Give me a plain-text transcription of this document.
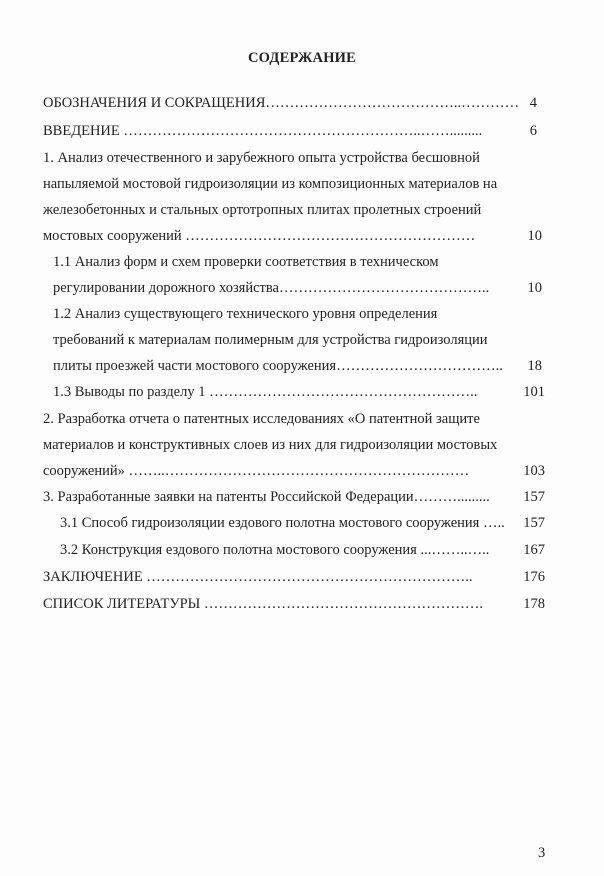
СОДЕРЖАНИЕ
ОБОЗНАЧЕНИЯ И СОКРАЩЕНИЯ…………………………………..………… 4
ВВЕДЕНИЕ ……………………………………………………..…….........	6
1. Анализ отечественного и зарубежного опыта устройства бесшовной
напыляемой мостовой гидроизоляции из композиционных материалов на
железобетонных и стальных ортотропных плитах пролетных строений
мостовых сооружений ……………………………………………………	10
1.1 Анализ форм и схем проверки соответствия в техническом
регулировании дорожного хозяйства……………………………………..	10
1.2 Анализ существующего технического уровня определения
требований к материалам полимерным для устройства гидроизоляции
плиты проезжей части мостового сооружения……………………………..	18
1.3 Выводы по разделу 1 ………………………………………………..	101
2. Разработка отчета о патентных исследованиях «О патентной защите
материалов и конструктивных слоев из них для гидроизоляции мостовых
сооружений» ……..………………………………………………………	103
3. Разработанные заявки на патенты Российской Федерации……….........	157
3.1 Способ гидроизоляции ездового полотна мостового сооружения …..	157
3.2 Конструкция ездового полотна мостового сооружения ...……..…..	167
ЗАКЛЮЧЕНИЕ …………………………………………………………..	176
СПИСОК ЛИТЕРАТУРЫ ………………………………………………….	178
3
